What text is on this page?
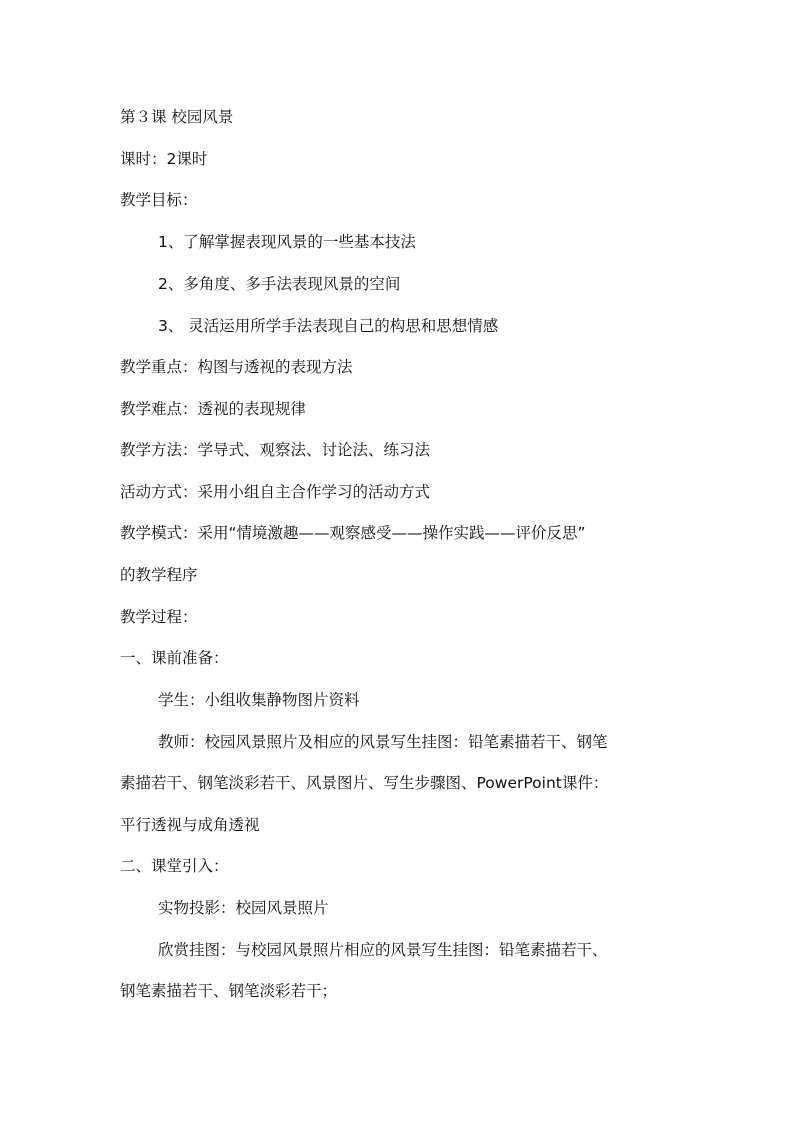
第３课 校园风景
课时：2课时
教学目标：
1、了解掌握表现风景的一些基本技法
2、多角度、多手法表现风景的空间
3、 灵活运用所学手法表现自己的构思和思想情感
教学重点：构图与透视的表现方法
教学难点：透视的表现规律
教学方法：学导式、观察法、讨论法、练习法
活动方式：采用小组自主合作学习的活动方式
教学模式：采用“情境激趣——观察感受——操作实践——评价反思”
的教学程序
教学过程：
一、课前准备：
学生：小组收集静物图片资料
教师：校园风景照片及相应的风景写生挂图：铅笔素描若干、钢笔
素描若干、钢笔淡彩若干、风景图片、写生步骤图、PowerPoint课件：
平行透视与成角透视
二、课堂引入：
实物投影：校园风景照片
欣赏挂图：与校园风景照片相应的风景写生挂图：铅笔素描若干、
钢笔素描若干、钢笔淡彩若干；
